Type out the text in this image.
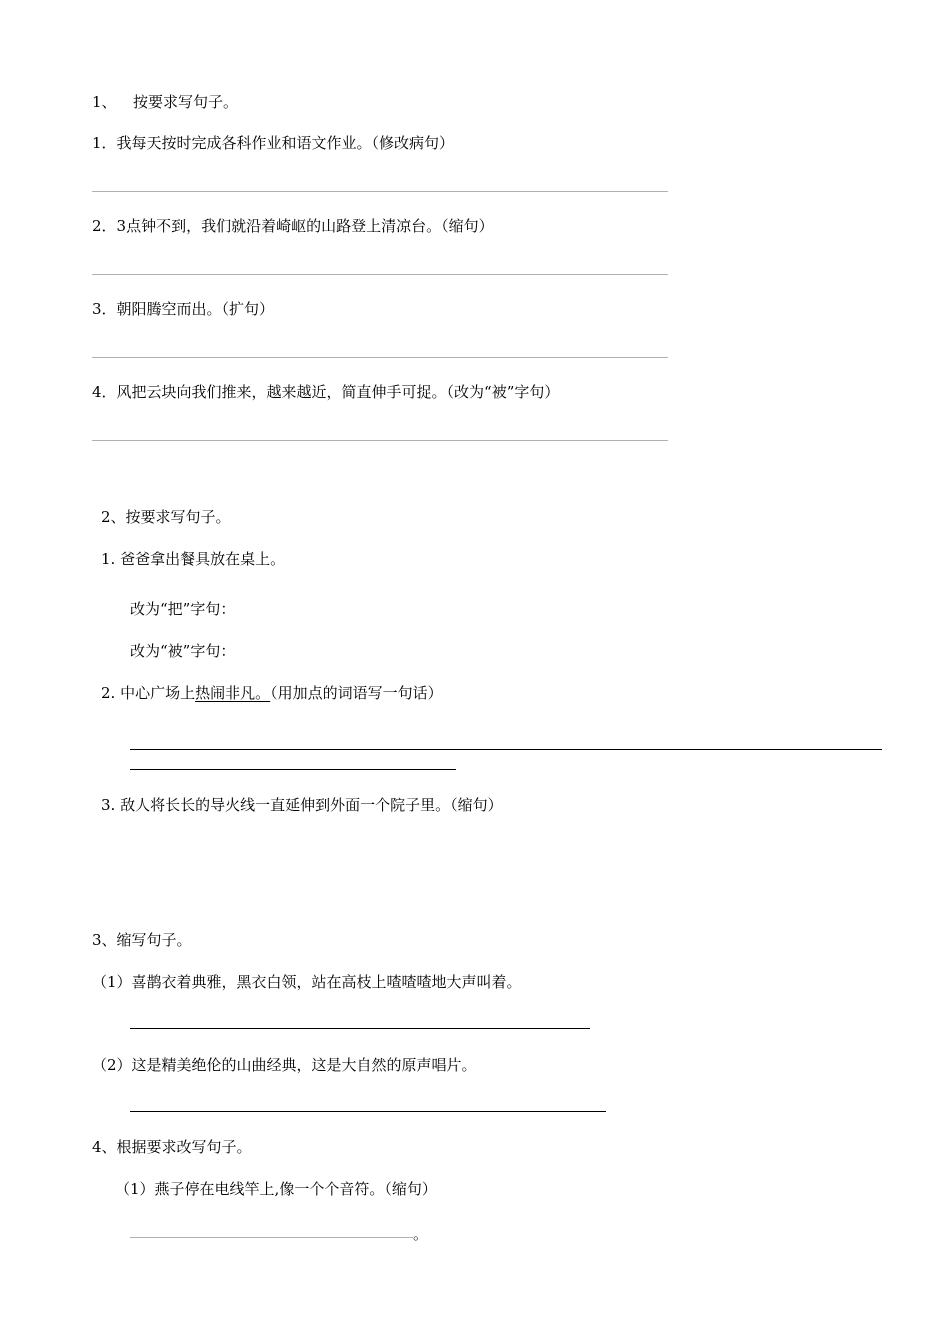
1、 按要求写句子。
1．我每天按时完成各科作业和语文作业。（修改病句）
2．3点钟不到，我们就沿着崎岖的山路登上清凉台。（缩句）
3．朝阳腾空而出。（扩句）
4．风把云块向我们推来，越来越近，简直伸手可捉。（改为“被”字句）
2、按要求写句子。
1. 爸爸拿出餐具放在桌上。
改为“把”字句：
改为“被”字句：
2. 中心广场上热闹非凡。（用加点的词语写一句话）
3. 敌人将长长的导火线一直延伸到外面一个院子里。（缩句）
3、缩写句子。
（1）喜鹊衣着典雅，黑衣白领，站在高枝上喳喳喳地大声叫着。
（2）这是精美绝伦的山曲经典，这是大自然的原声唱片。
4、根据要求改写句子。
（1）燕子停在电线竿上,像一个个音符。（缩句）
。
